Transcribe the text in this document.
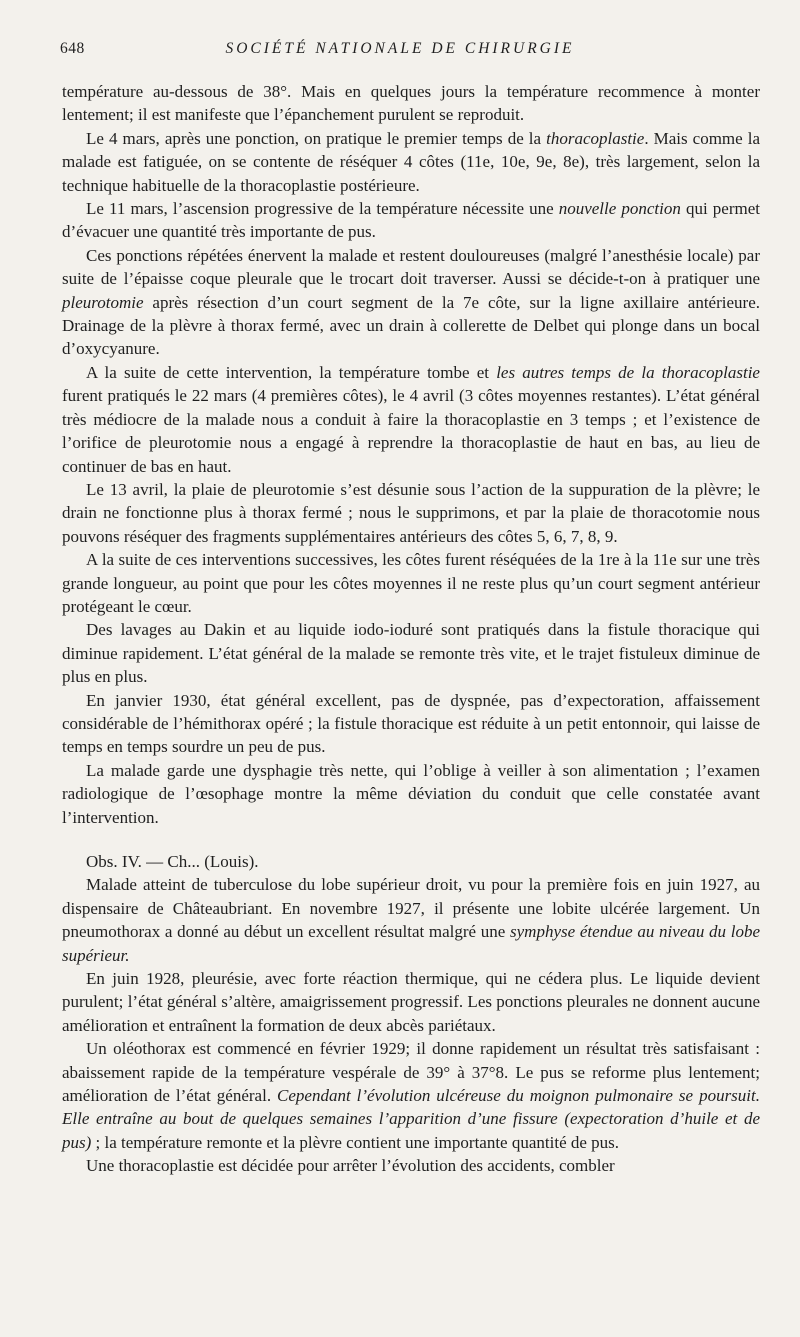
648	SOCIÉTÉ NATIONALE DE CHIRURGIE

température au-dessous de 38°. Mais en quelques jours la température recommence à monter lentement; il est manifeste que l’épanchement purulent se reproduit.

Le 4 mars, après une ponction, on pratique le premier temps de la thoracoplastie. Mais comme la malade est fatiguée, on se contente de réséquer 4 côtes (11e, 10e, 9e, 8e), très largement, selon la technique habituelle de la thoracoplastie postérieure.

Le 11 mars, l’ascension progressive de la température nécessite une nouvelle ponction qui permet d’évacuer une quantité très importante de pus.

Ces ponctions répétées énervent la malade et restent douloureuses (malgré l’anesthésie locale) par suite de l’épaisse coque pleurale que le trocart doit traverser. Aussi se décide-t-on à pratiquer une pleurotomie après résection d’un court segment de la 7e côte, sur la ligne axillaire antérieure. Drainage de la plèvre à thorax fermé, avec un drain à collerette de Delbet qui plonge dans un bocal d’oxycyanure.

A la suite de cette intervention, la température tombe et les autres temps de la thoracoplastie furent pratiqués le 22 mars (4 premières côtes), le 4 avril (3 côtes moyennes restantes). L’état général très médiocre de la malade nous a conduit à faire la thoracoplastie en 3 temps ; et l’existence de l’orifice de pleurotomie nous a engagé à reprendre la thoracoplastie de haut en bas, au lieu de continuer de bas en haut.

Le 13 avril, la plaie de pleurotomie s’est désunie sous l’action de la suppuration de la plèvre; le drain ne fonctionne plus à thorax fermé ; nous le supprimons, et par la plaie de thoracotomie nous pouvons réséquer des fragments supplémentaires antérieurs des côtes 5, 6, 7, 8, 9.

A la suite de ces interventions successives, les côtes furent réséquées de la 1re à la 11e sur une très grande longueur, au point que pour les côtes moyennes il ne reste plus qu’un court segment antérieur protégeant le cœur.

Des lavages au Dakin et au liquide iodo-ioduré sont pratiqués dans la fistule thoracique qui diminue rapidement. L’état général de la malade se remonte très vite, et le trajet fistuleux diminue de plus en plus.

En janvier 1930, état général excellent, pas de dyspnée, pas d’expectoration, affaissement considérable de l’hémithorax opéré ; la fistule thoracique est réduite à un petit entonnoir, qui laisse de temps en temps sourdre un peu de pus.

La malade garde une dysphagie très nette, qui l’oblige à veiller à son alimentation ; l’examen radiologique de l’œsophage montre la même déviation du conduit que celle constatée avant l’intervention.

Obs. IV. — Ch... (Louis).

Malade atteint de tuberculose du lobe supérieur droit, vu pour la première fois en juin 1927, au dispensaire de Châteaubriant. En novembre 1927, il présente une lobite ulcérée largement. Un pneumothorax a donné au début un excellent résultat malgré une symphyse étendue au niveau du lobe supérieur.

En juin 1928, pleurésie, avec forte réaction thermique, qui ne cédera plus. Le liquide devient purulent; l’état général s’altère, amaigrissement progressif. Les ponctions pleurales ne donnent aucune amélioration et entraînent la formation de deux abcès pariétaux.

Un oléothorax est commencé en février 1929; il donne rapidement un résultat très satisfaisant : abaissement rapide de la température vespérale de 39° à 37°8. Le pus se reforme plus lentement; amélioration de l’état général. Cependant l’évolution ulcéreuse du moignon pulmonaire se poursuit. Elle entraîne au bout de quelques semaines l’apparition d’une fissure (expectoration d’huile et de pus) ; la température remonte et la plèvre contient une importante quantité de pus.

Une thoracoplastie est décidée pour arrêter l’évolution des accidents, combler
